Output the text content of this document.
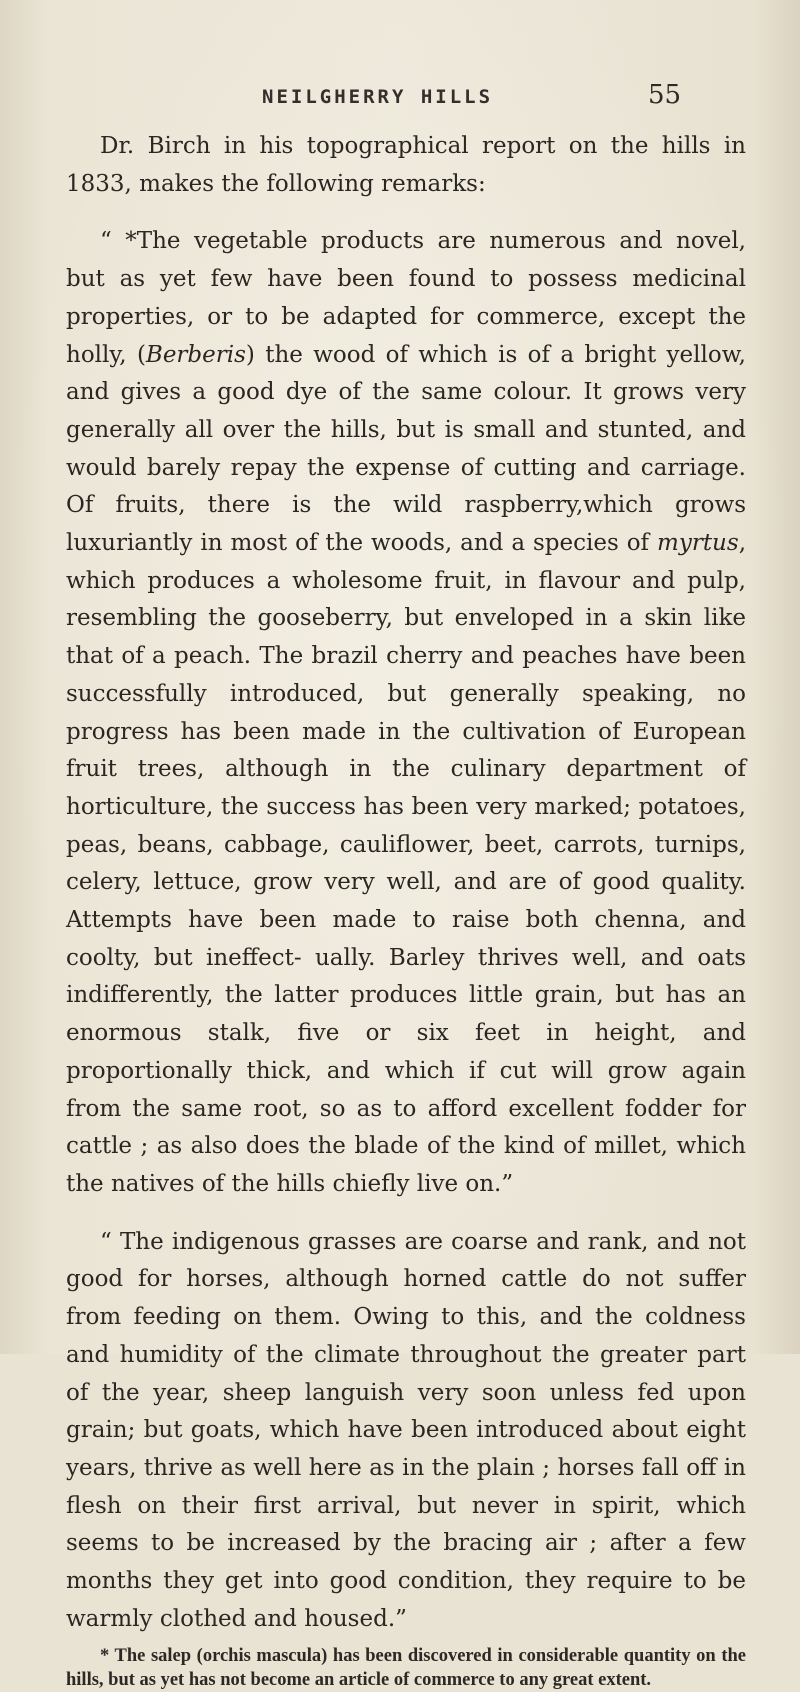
NEILGHERRY HILLS	55

Dr. Birch in his topographical report on the hills in 1833, makes the following remarks:

“ *The vegetable products are numerous and novel, but as yet few have been found to possess medicinal properties, or to be adapted for commerce, except the holly, (Berberis) the wood of which is of a bright yellow, and gives a good dye of the same colour. It grows very generally all over the hills, but is small and stunted, and would barely repay the expense of cutting and carriage. Of fruits, there is the wild raspberry,which grows luxuriantly in most of the woods, and a species of myrtus, which produces a wholesome fruit, in flavour and pulp, resembling the gooseberry, but enveloped in a skin like that of a peach. The brazil cherry and peaches have been successfully introduced, but generally speaking, no progress has been made in the cultivation of European fruit trees, although in the culinary department of horticulture, the success has been very marked; potatoes, peas, beans, cabbage, cauliflower, beet, carrots, turnips, celery, lettuce, grow very well, and are of good quality. Attempts have been made to raise both chenna, and coolty, but ineffect- ually. Barley thrives well, and oats indifferently, the latter produces little grain, but has an enormous stalk, five or six feet in height, and proportionally thick, and which if cut will grow again from the same root, so as to afford excellent fodder for cattle ; as also does the blade of the kind of millet, which the natives of the hills chiefly live on.”

“ The indigenous grasses are coarse and rank, and not good for horses, although horned cattle do not suffer from feeding on them. Owing to this, and the coldness and humidity of the climate throughout the greater part of the year, sheep languish very soon unless fed upon grain; but goats, which have been introduced about eight years, thrive as well here as in the plain ; horses fall off in flesh on their first arrival, but never in spirit, which seems to be increased by the bracing air ; after a few months they get into good condition, they require to be warmly clothed and housed.”

* The salep (orchis mascula) has been discovered in considerable quantity on the hills, but as yet has not become an article of commerce to any great extent.
